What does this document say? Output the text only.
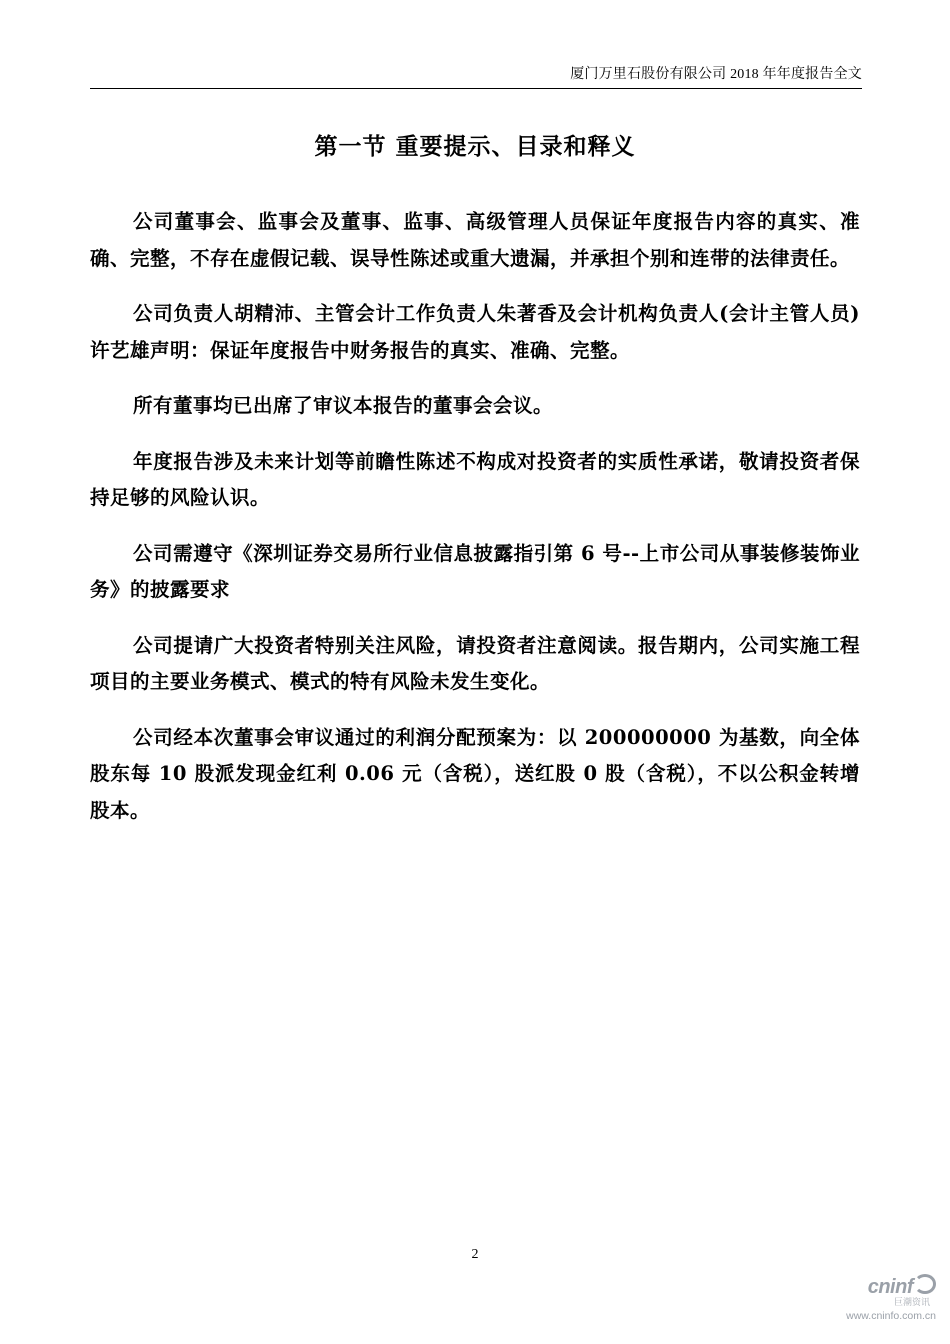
厦门万里石股份有限公司 2018 年年度报告全文
第一节 重要提示、目录和释义

公司董事会、监事会及董事、监事、高级管理人员保证年度报告内容的真实、准确、完整，不存在虚假记载、误导性陈述或重大遗漏，并承担个别和连带的法律责任。

公司负责人胡精沛、主管会计工作负责人朱著香及会计机构负责人(会计主管人员)许艺雄声明：保证年度报告中财务报告的真实、准确、完整。

所有董事均已出席了审议本报告的董事会会议。

年度报告涉及未来计划等前瞻性陈述不构成对投资者的实质性承诺，敬请投资者保持足够的风险认识。

公司需遵守《深圳证券交易所行业信息披露指引第 6 号--上市公司从事装修装饰业务》的披露要求

公司提请广大投资者特别关注风险，请投资者注意阅读。报告期内，公司实施工程项目的主要业务模式、模式的特有风险未发生变化。

公司经本次董事会审议通过的利润分配预案为：以 200000000 为基数，向全体股东每 10 股派发现金红利 0.06 元（含税），送红股 0 股（含税），不以公积金转增股本。

2
cninf
巨潮资讯
www.cninfo.com.cn
